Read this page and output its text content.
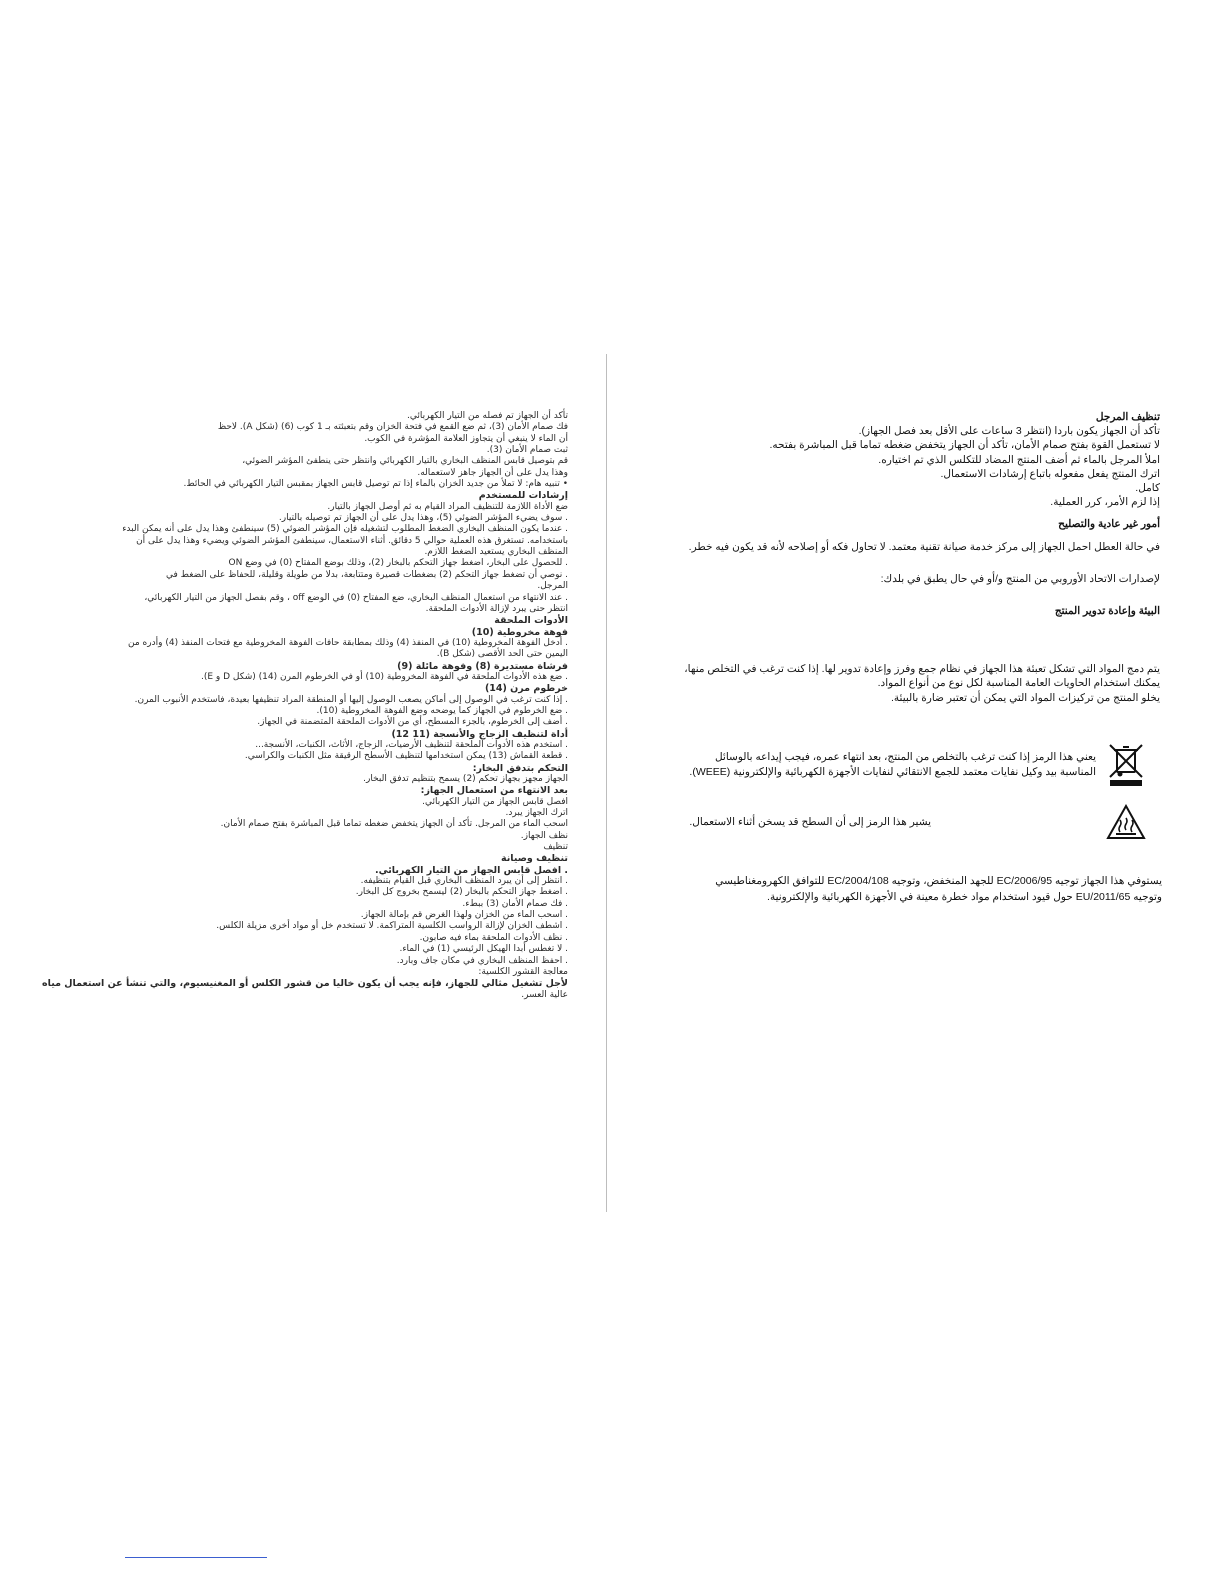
تأكد أن الجهاز تم فصله من التيار الكهربائي.
فك صمام الأمان (3)، ثم ضع القمع في فتحة الخزان وقم بتعبئته بـ 1 كوب (6) (شكل A). لاحظ
أن الماء لا ينبغي أن يتجاوز العلامة المؤشرة في الكوب.
ثبت صمام الأمان (3).
قم بتوصيل قابس المنظف البخاري بالتيار الكهربائي وانتظر حتى ينطفئ المؤشر الضوئي،
وهذا يدل على أن الجهاز جاهز لاستعماله.
• تنبيه هام: لا تملأ من جديد الخزان بالماء إذا تم توصيل قابس الجهاز بمقبس التيار الكهربائي في الحائط.
إرشادات للمستخدم
ضع الأداة اللازمة للتنظيف المراد القيام به ثم أوصل الجهاز بالتيار.
. سوف يضيء المؤشر الضوئي (5)، وهذا يدل على أن الجهاز تم توصيله بالتيار.
. عندما يكون المنظف البخاري الضغط المطلوب لتشغيله فإن المؤشر الضوئي (5) سينطفئ وهذا يدل على أنه يمكن البدء
باستخدامه. تستغرق هذه العملية حوالي 5 دقائق. أثناء الاستعمال، سينطفئ المؤشر الضوئي ويضيء وهذا يدل على أن
المنظف البخاري يستعيد الضغط اللازم.
. للحصول على البخار، اضغط جهاز التحكم بالبخار (2)، وذلك بوضع المفتاح (0) في وضع ON
. نوصي أن تضغط جهاز التحكم (2) بضغطات قصيرة ومتتابعة، بدلا من طويلة وقليلة، للحفاظ على الضغط في
المرجل.
. عند الانتهاء من استعمال المنظف البخاري، ضع المفتاح (0) في الوضع off ، وقم بفصل الجهاز من التيار الكهربائي،
انتظر حتى يبرد لإزالة الأدوات الملحقة.
الأدوات الملحقة
فوهة مخروطية (10)
. أدخل الفوهة المخروطية (10) في المنفذ (4) وذلك بمطابقة حافات الفوهة المخروطية مع فتحات المنفذ (4) وأدره من
اليمين حتى الحد الأقصى (شكل B).
فرشاة مستديرة (8) وفوهة مائلة (9)
. ضع هذه الأدوات الملحقة في الفوهة المخروطية (10) أو في الخرطوم المرن (14) (شكل D و E).
خرطوم مرن (14)
. إذا كنت ترغب في الوصول إلى أماكن يصعب الوصول إليها أو المنطقة المراد تنظيفها بعيدة، فاستخدم الأنبوب المرن.
. ضع الخرطوم في الجهاز كما يوضحه وضع الفوهة المخروطية (10).
. أضف إلى الخرطوم، بالجزء المسطح، أي من الأدوات الملحقة المتضمنة في الجهاز.
أداة لتنظيف الزجاج والأنسجة (11 12)
. استخدم هذه الأدوات الملحقة لتنظيف الأرضيات، الزجاج، الأثاث، الكنبات، الأنسجة...
. قطعة القماش (13) يمكن استخدامها لتنظيف الأسطح الرقيقة مثل الكنبات والكراسي.
التحكم بتدفق البخار:
الجهاز مجهز بجهاز تحكم (2) يسمح بتنظيم تدفق البخار.
بعد الانتهاء من استعمال الجهاز:
افصل قابس الجهاز من التيار الكهربائي.
اترك الجهاز يبرد.
اسحب الماء من المرجل. تأكد أن الجهاز يتخفض ضغطه تماما قبل المباشرة بفتح صمام الأمان.
نظف الجهاز.
تنظيف
تنظيف وصيانة
. افصل قابس الجهاز من التيار الكهربائي.
. انتظر إلى أن يبرد المنظف البخاري قبل القيام بتنظيفه.
. اضغط جهاز التحكم بالبخار (2) ليسمح بخروج كل البخار.
. فك صمام الأمان (3) ببطء.
. اسحب الماء من الخزان ولهذا الغرض قم بإمالة الجهاز.
. اشطف الخزان لإزالة الرواسب الكلسية المتراكمة. لا تستخدم خل أو مواد أخرى مزيلة الكلس.
. نظف الأدوات الملحقة بماء فيه صابون.
. لا تغطس أبدا الهيكل الرئيسي (1) في الماء.
. احفظ المنظف البخاري في مكان جاف وبارد.
معالجة القشور الكلسية:
لأجل تشغيل مثالي للجهاز، فإنه يجب أن يكون خاليا من قشور الكلس أو المغنيسيوم، والتي تنشأ عن استعمال مياه
عالية العسر.
تنظيف المرجل
تأكد أن الجهاز يكون باردا (انتظر 3 ساعات على الأقل بعد فصل الجهاز).
لا تستعمل القوة بفتح صمام الأمان، تأكد أن الجهاز يتخفض ضغطه تماما قبل المباشرة بفتحه.
املأ المرجل بالماء ثم أضف المنتج المضاد للتكلس الذي تم اختياره.
اترك المنتج يفعل مفعوله باتباع إرشادات الاستعمال.
كامل.
إذا لزم الأمر، كرر العملية.
أمور غير عادية والتصليح
في حالة العطل احمل الجهاز إلى مركز خدمة صيانة تقنية معتمد. لا تحاول فكه أو إصلاحه لأنه قد يكون فيه خطر.
لإصدارات الاتحاد الأوروبي من المنتج و/أو في حال يطبق في بلدك:
البيئة وإعادة تدوير المنتج
يتم دمج المواد التي تشكل تعبئة هذا الجهاز في نظام جمع وفرز وإعادة تدوير لها. إذا كنت ترغب في التخلص منها،
يمكنك استخدام الحاويات العامة المناسبة لكل نوع من أنواع المواد.
يخلو المنتج من تركيزات المواد التي يمكن أن تعتبر ضارة بالبيئة.
يعني هذا الرمز إذا كنت ترغب بالتخلص من المنتج، بعد انتهاء عمره، فيجب إيداعه بالوسائل
المناسبة بيد وكيل نفايات معتمد للجمع الانتقائي لنفايات الأجهزة الكهربائية والإلكترونية (WEEE).
يشير هذا الرمز إلى أن السطح قد يسخن أثناء الاستعمال.
يستوفي هذا الجهاز توجيه EC/2006/95 للجهد المنخفض، وتوجيه EC/2004/108 للتوافق الكهرومغناطيسي
وتوجيه EU/2011/65 حول قيود استخدام مواد خطرة معينة في الأجهزة الكهربائية والإلكترونية.
